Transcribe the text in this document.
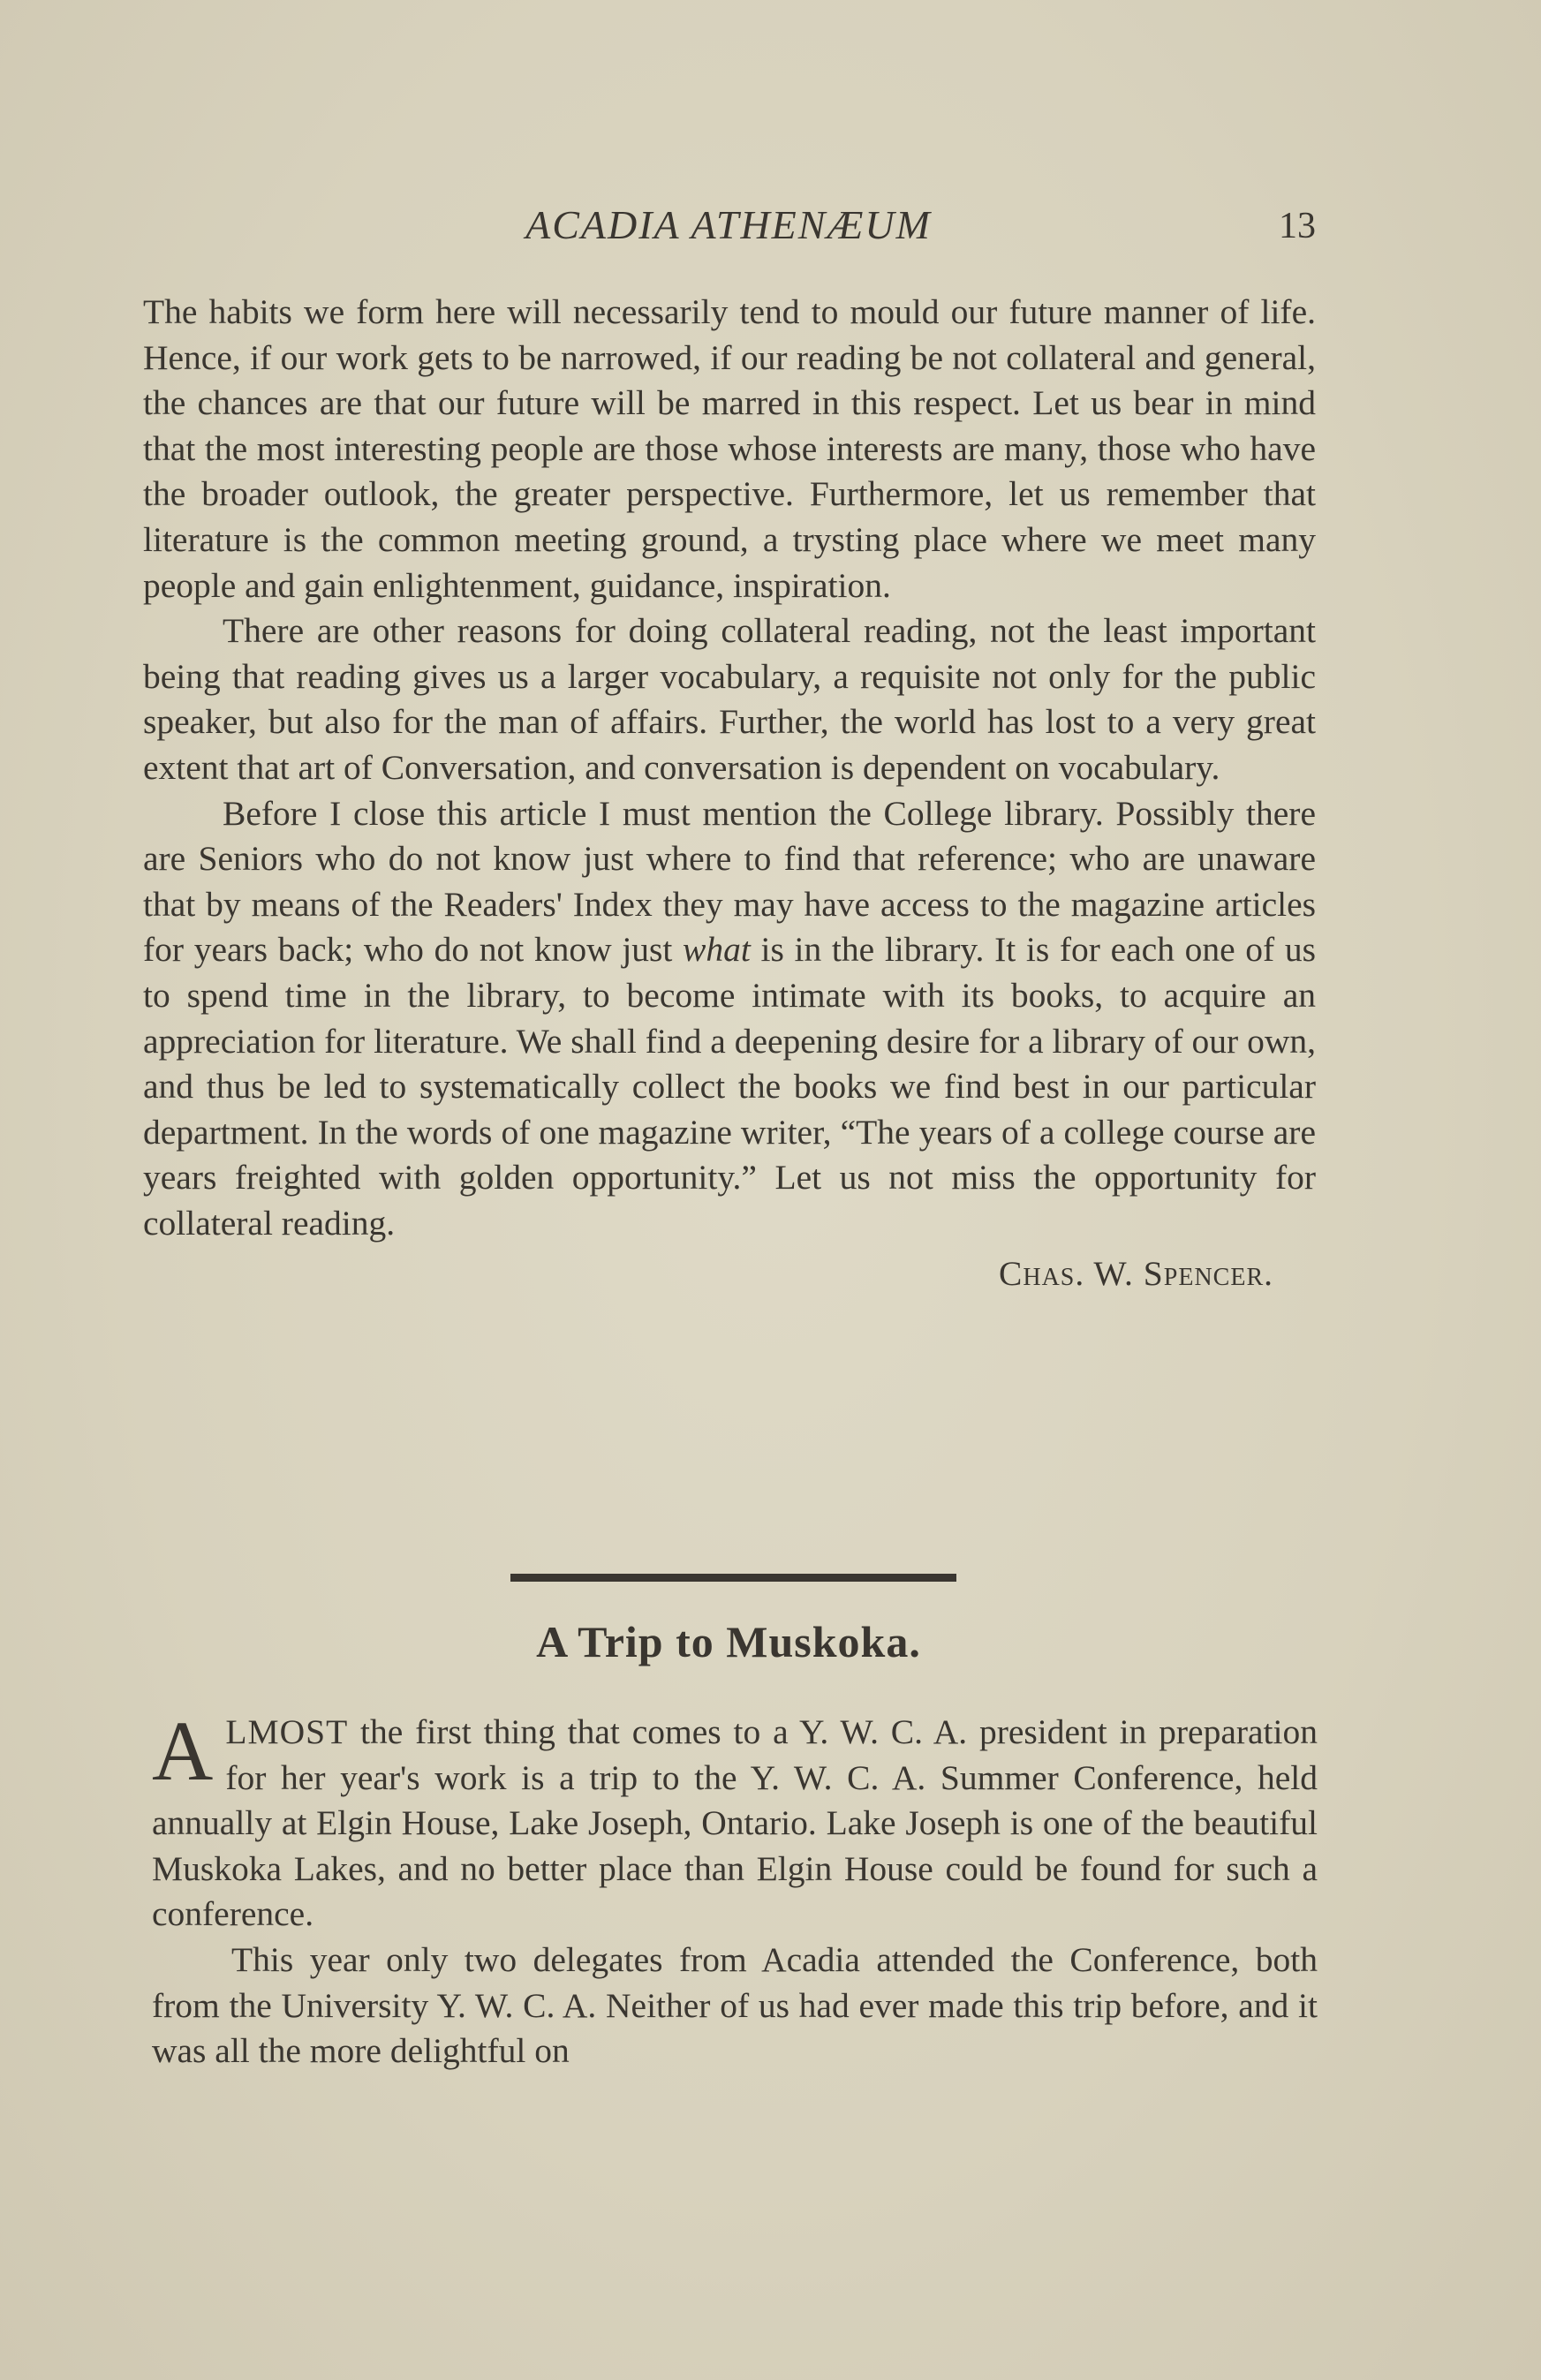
ACADIA ATHENÆUM	13

The habits we form here will necessarily tend to mould our future manner of life. Hence, if our work gets to be narrowed, if our reading be not collateral and general, the chances are that our future will be marred in this respect. Let us bear in mind that the most interesting people are those whose interests are many, those who have the broader outlook, the greater perspective. Furthermore, let us remember that literature is the common meeting ground, a trysting place where we meet many people and gain enlightenment, guidance, inspiration.

There are other reasons for doing collateral reading, not the least important being that reading gives us a larger vocabulary, a requisite not only for the public speaker, but also for the man of affairs. Further, the world has lost to a very great extent that art of Conversation, and conversation is dependent on vocabulary.

Before I close this article I must mention the College library. Possibly there are Seniors who do not know just where to find that reference; who are unaware that by means of the Readers' Index they may have access to the magazine articles for years back; who do not know just what is in the library. It is for each one of us to spend time in the library, to become intimate with its books, to acquire an appreciation for literature. We shall find a deepening desire for a library of our own, and thus be led to systematically collect the books we find best in our particular department. In the words of one magazine writer, “The years of a college course are years freighted with golden opportunity.” Let us not miss the opportunity for collateral reading.

Chas. W. Spencer.

A Trip to Muskoka.

ALMOST the first thing that comes to a Y. W. C. A. president in preparation for her year's work is a trip to the Y. W. C. A. Summer Conference, held annually at Elgin House, Lake Joseph, Ontario. Lake Joseph is one of the beautiful Muskoka Lakes, and no better place than Elgin House could be found for such a conference.

This year only two delegates from Acadia attended the Conference, both from the University Y. W. C. A. Neither of us had ever made this trip before, and it was all the more delightful on
